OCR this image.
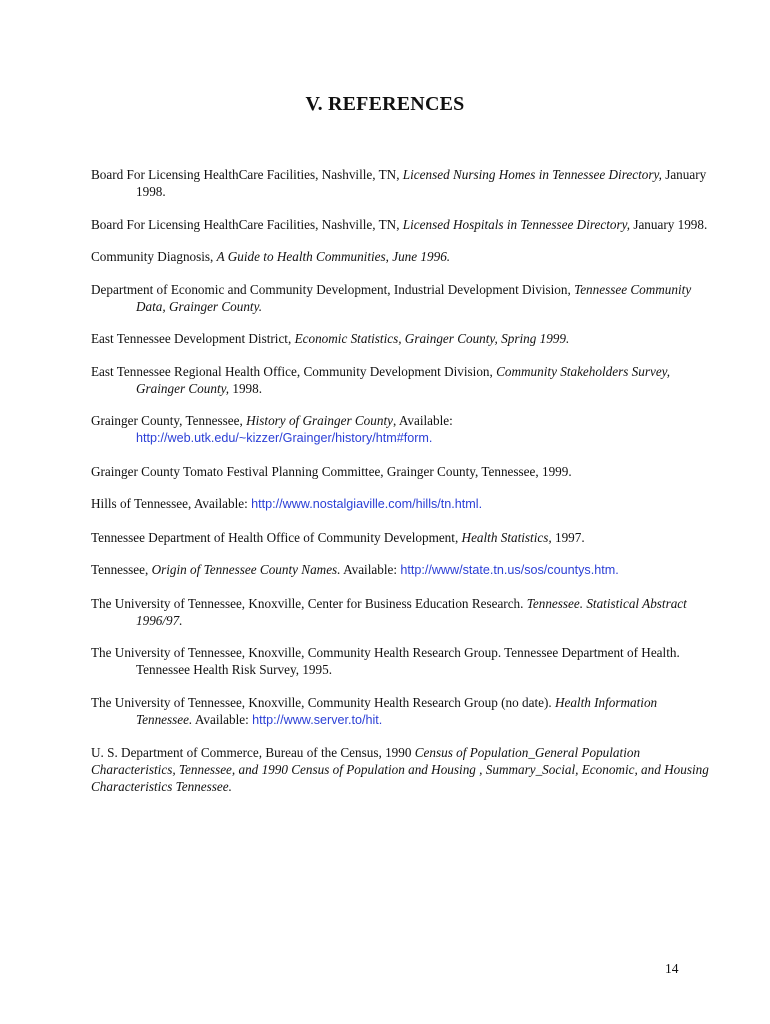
V. REFERENCES

Board For Licensing HealthCare Facilities, Nashville, TN, Licensed Nursing Homes in Tennessee Directory, January 1998.

Board For Licensing HealthCare Facilities, Nashville, TN, Licensed Hospitals in Tennessee Directory, January 1998.

Community Diagnosis, A Guide to Health Communities, June 1996.

Department of Economic and Community Development, Industrial Development Division, Tennessee Community Data, Grainger County.

East Tennessee Development District, Economic Statistics, Grainger County, Spring 1999.

East Tennessee Regional Health Office, Community Development Division, Community Stakeholders Survey, Grainger County, 1998.

Grainger County, Tennessee, History of Grainger County, Available: http://web.utk.edu/~kizzer/Grainger/history/htm#form.

Grainger County Tomato Festival Planning Committee, Grainger County, Tennessee, 1999.

Hills of Tennessee, Available: http://www.nostalgiaville.com/hills/tn.html.

Tennessee Department of Health Office of Community Development, Health Statistics, 1997.

Tennessee, Origin of Tennessee County Names. Available: http://www/state.tn.us/sos/countys.htm.

The University of Tennessee, Knoxville, Center for Business Education Research. Tennessee. Statistical Abstract 1996/97.

The University of Tennessee, Knoxville, Community Health Research Group. Tennessee Department of Health. Tennessee Health Risk Survey, 1995.

The University of Tennessee, Knoxville, Community Health Research Group (no date). Health Information Tennessee. Available: http://www.server.to/hit.

U. S. Department of Commerce, Bureau of the Census, 1990 Census of Population_General Population Characteristics, Tennessee, and 1990 Census of Population and Housing , Summary_Social, Economic, and Housing Characteristics Tennessee.

14
